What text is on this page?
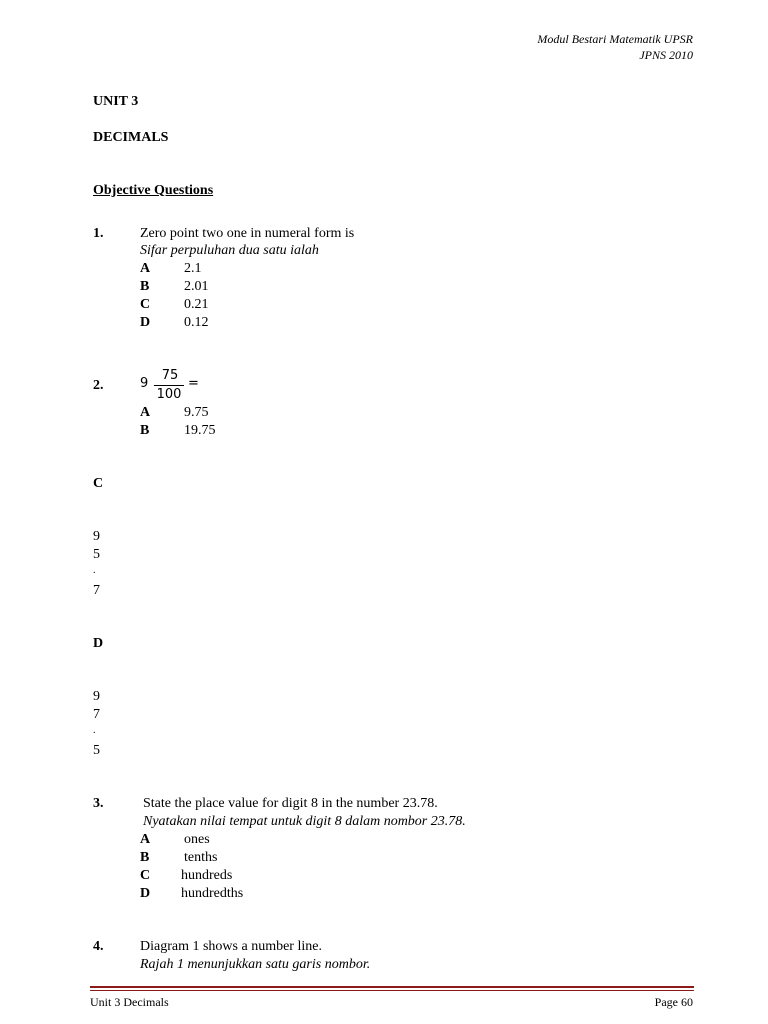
Modul Bestari Matematik UPSR
JPNS 2010
UNIT 3
DECIMALS
Objective Questions
1.	Zero point two one in numeral form is
Sifar perpuluhan dua satu ialah
A 2.1
B 2.01
C 0.21
D 0.12
2.	9
75
100
=
A 9.75
B 19.75
C
9
5
.
7
D
9
7
.
5
3.	State the place value for digit 8 in the number 23.78.
Nyatakan nilai tempat untuk digit 8 dalam nombor 23.78.
A ones
B tenths
C hundreds
D hundredths
4.	Diagram 1 shows a number line.
Rajah 1 menunjukkan satu garis nombor.
Unit 3 Decimals	Page 60
